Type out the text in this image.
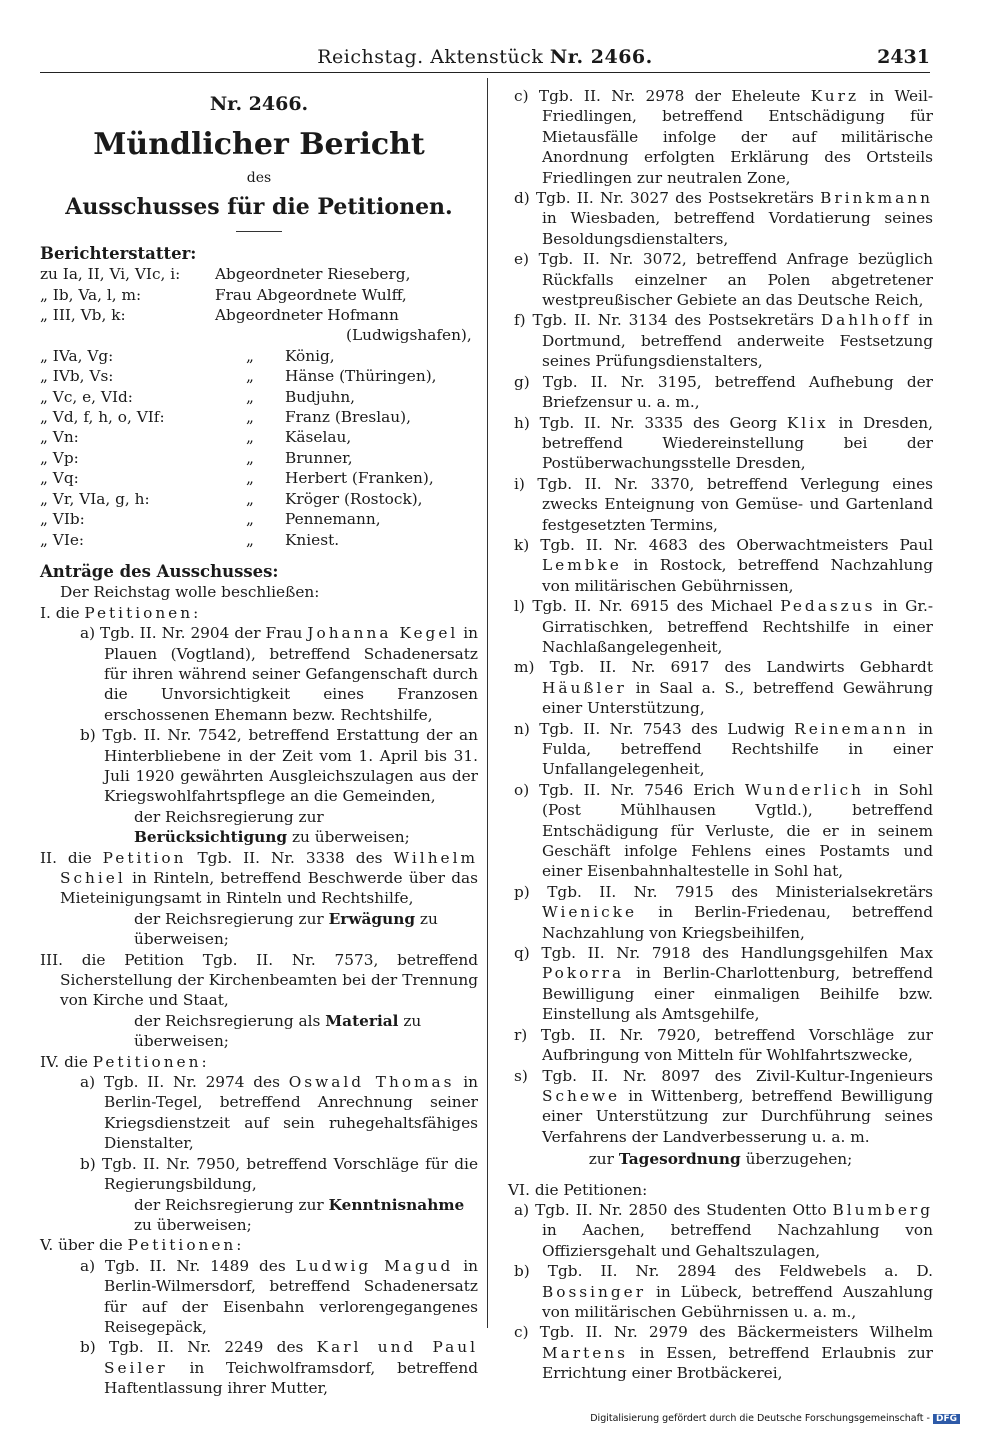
Reichstag. Aktenstück Nr. 2466.	2431
Nr. 2466.
Mündlicher Bericht
des
Ausschusses für die Petitionen.
Berichterstatter:
zu Ia, II, Vi, VIc, i:	Abgeordneter Rieseberg,
„ Ib, Va, l, m:	Frau Abgeordnete Wulff,
„ III, Vb, k:	Abgeordneter Hofmann
(Ludwigshafen),
„ IVa, Vg:	„	König,
„ IVb, Vs:	„	Hänse (Thüringen),
„ Vc, e, VId:	„	Budjuhn,
„ Vd, f, h, o, VIf:	„	Franz (Breslau),
„ Vn:	„	Käselau,
„ Vp:	„	Brunner,
„ Vq:	„	Herbert (Franken),
„ Vr, VIa, g, h:	„	Kröger (Rostock),
„ VIb:	„	Pennemann,
„ VIe:	„	Kniest.
Anträge des Ausschusses:

Der Reichstag wolle beschließen:

I. die Petitionen:

a) Tgb. II. Nr. 2904 der Frau Johanna Kegel in Plauen (Vogtland), betreffend Schadenersatz für ihren während seiner Gefangenschaft durch die Unvorsichtigkeit eines Franzosen erschossenen Ehemann bezw. Rechtshilfe,

b) Tgb. II. Nr. 7542, betreffend Erstattung der an Hinterbliebene in der Zeit vom 1. April bis 31. Juli 1920 gewährten Ausgleichszulagen aus der Kriegswohlfahrtspflege an die Gemeinden,

der Reichsregierung zur Berücksichtigung zu überweisen;

II. die Petition Tgb. II. Nr. 3338 des Wilhelm Schiel in Rinteln, betreffend Beschwerde über das Mieteinigungsamt in Rinteln und Rechtshilfe,

der Reichsregierung zur Erwägung zu überweisen;

III. die Petition Tgb. II. Nr. 7573, betreffend Sicherstellung der Kirchenbeamten bei der Trennung von Kirche und Staat,

der Reichsregierung als Material zu überweisen;

IV. die Petitionen:

a) Tgb. II. Nr. 2974 des Oswald Thomas in Berlin-Tegel, betreffend Anrechnung seiner Kriegsdienstzeit auf sein ruhegehaltsfähiges Dienstalter,

b) Tgb. II. Nr. 7950, betreffend Vorschläge für die Regierungsbildung,

der Reichsregierung zur Kenntnisnahme zu überweisen;

V. über die Petitionen:

a) Tgb. II. Nr. 1489 des Ludwig Magud in Berlin-Wilmersdorf, betreffend Schadenersatz für auf der Eisenbahn verlorengegangenes Reisegepäck,

b) Tgb. II. Nr. 2249 des Karl und Paul Seiler in Teichwolframsdorf, betreffend Haftentlassung ihrer Mutter,

c) Tgb. II. Nr. 2978 der Eheleute Kurz in Weil-Friedlingen, betreffend Entschädigung für Mietausfälle infolge der auf militärische Anordnung erfolgten Erklärung des Ortsteils Friedlingen zur neutralen Zone,

d) Tgb. II. Nr. 3027 des Postsekretärs Brinkmann in Wiesbaden, betreffend Vordatierung seines Besoldungsdienstalters,

e) Tgb. II. Nr. 3072, betreffend Anfrage bezüglich Rückfalls einzelner an Polen abgetretener westpreußischer Gebiete an das Deutsche Reich,

f) Tgb. II. Nr. 3134 des Postsekretärs Dahlhoff in Dortmund, betreffend anderweite Festsetzung seines Prüfungsdienstalters,

g) Tgb. II. Nr. 3195, betreffend Aufhebung der Briefzensur u. a. m.,

h) Tgb. II. Nr. 3335 des Georg Klix in Dresden, betreffend Wiedereinstellung bei der Postüberwachungsstelle Dresden,

i) Tgb. II. Nr. 3370, betreffend Verlegung eines zwecks Enteignung von Gemüse- und Gartenland festgesetzten Termins,

k) Tgb. II. Nr. 4683 des Oberwachtmeisters Paul Lembke in Rostock, betreffend Nachzahlung von militärischen Gebührnissen,

l) Tgb. II. Nr. 6915 des Michael Pedaszus in Gr.-Girratischken, betreffend Rechtshilfe in einer Nachlaßangelegenheit,

m) Tgb. II. Nr. 6917 des Landwirts Gebhardt Häußler in Saal a. S., betreffend Gewährung einer Unterstützung,

n) Tgb. II. Nr. 7543 des Ludwig Reinemann in Fulda, betreffend Rechtshilfe in einer Unfallangelegenheit,

o) Tgb. II. Nr. 7546 Erich Wunderlich in Sohl (Post Mühlhausen Vgtld.), betreffend Entschädigung für Verluste, die er in seinem Geschäft infolge Fehlens eines Postamts und einer Eisenbahnhaltestelle in Sohl hat,

p) Tgb. II. Nr. 7915 des Ministerialsekretärs Wienicke in Berlin-Friedenau, betreffend Nachzahlung von Kriegsbeihilfen,

q) Tgb. II. Nr. 7918 des Handlungsgehilfen Max Pokorra in Berlin-Charlottenburg, betreffend Bewilligung einer einmaligen Beihilfe bzw. Einstellung als Amtsgehilfe,

r) Tgb. II. Nr. 7920, betreffend Vorschläge zur Aufbringung von Mitteln für Wohlfahrtszwecke,

s) Tgb. II. Nr. 8097 des Zivil-Kultur-Ingenieurs Schewe in Wittenberg, betreffend Bewilligung einer Unterstützung zur Durchführung seines Verfahrens der Landverbesserung u. a. m.

zur Tagesordnung überzugehen;

VI. die Petitionen:

a) Tgb. II. Nr. 2850 des Studenten Otto Blumberg in Aachen, betreffend Nachzahlung von Offiziersgehalt und Gehaltszulagen,

b) Tgb. II. Nr. 2894 des Feldwebels a. D. Bossinger in Lübeck, betreffend Auszahlung von militärischen Gebührnissen u. a. m.,

c) Tgb. II. Nr. 2979 des Bäckermeisters Wilhelm Martens in Essen, betreffend Erlaubnis zur Errichtung einer Brotbäckerei,

Digitalisierung gefördert durch die Deutsche Forschungsgemeinschaft - DFG
